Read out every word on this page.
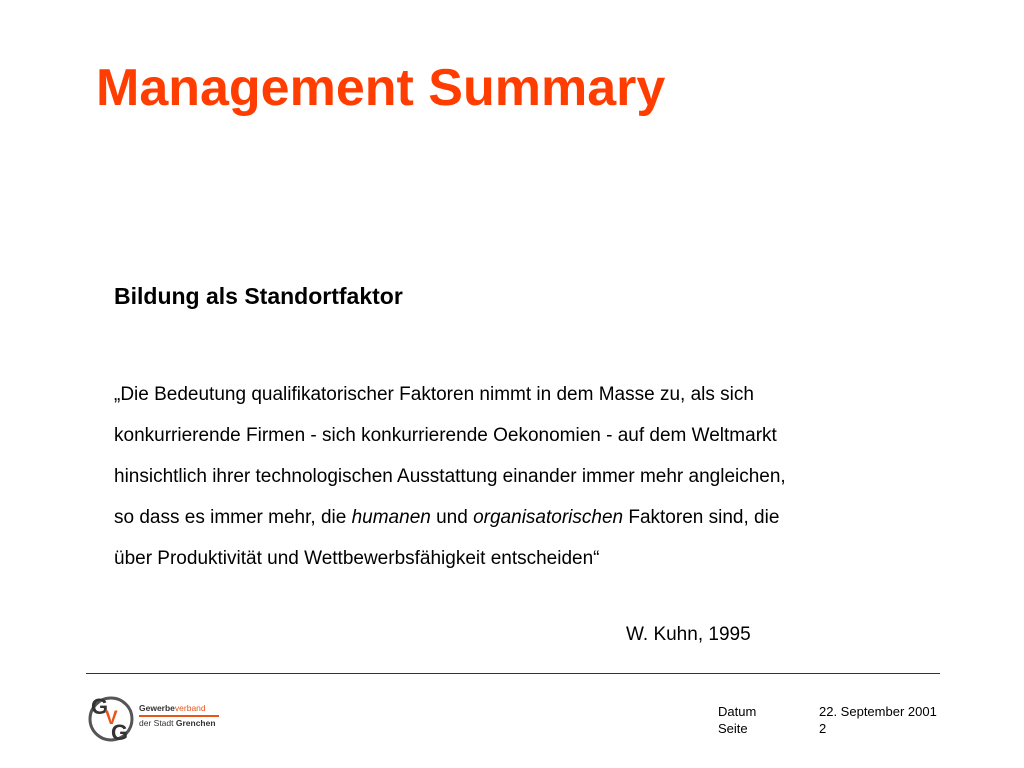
Management Summary
Bildung als Standortfaktor

„Die Bedeutung qualifikatorischer Faktoren nimmt in dem Masse zu, als sich
konkurrierende Firmen - sich konkurrierende Oekonomien - auf dem Weltmarkt
hinsichtlich ihrer technologischen Ausstattung einander immer mehr angleichen,
so dass es immer mehr, die humanen und organisatorischen Faktoren sind, die
über Produktivität und Wettbewerbsfähigkeit entscheiden“

W. Kuhn, 1995
G
V
G
Gewerbeverband
der Stadt Grenchen
Datum	22. September 2001
Seite	2
